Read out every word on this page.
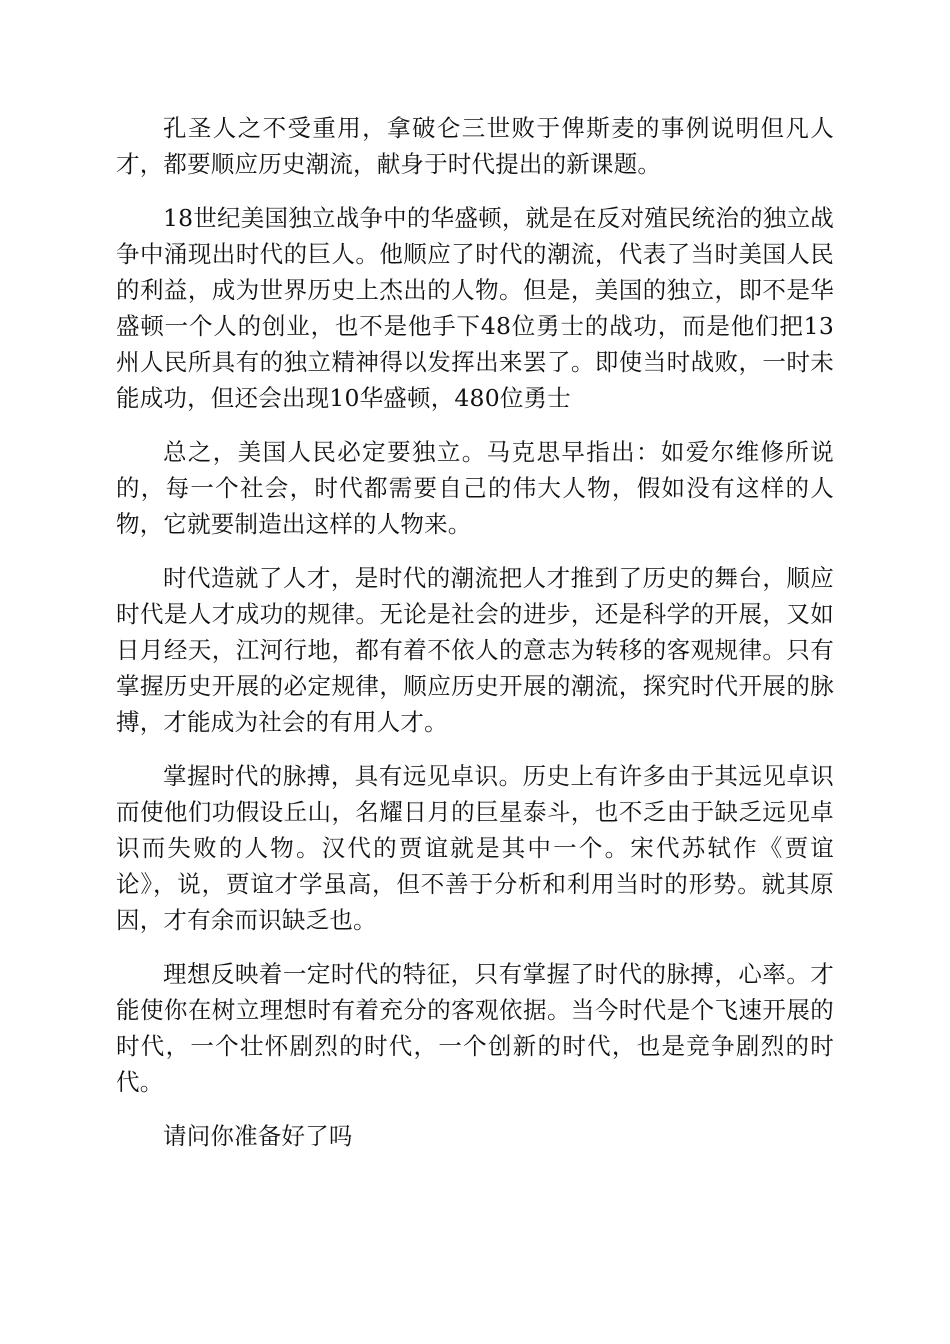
孔圣人之不受重用，拿破仑三世败于俾斯麦的事例说明但凡人才，都要顺应历史潮流，献身于时代提出的新课题。

18世纪美国独立战争中的华盛顿，就是在反对殖民统治的独立战争中涌现出时代的巨人。他顺应了时代的潮流，代表了当时美国人民的利益，成为世界历史上杰出的人物。但是，美国的独立，即不是华盛顿一个人的创业，也不是他手下48位勇士的战功，而是他们把13州人民所具有的独立精神得以发挥出来罢了。即使当时战败，一时未能成功，但还会出现10华盛顿，480位勇士

总之，美国人民必定要独立。马克思早指出：如爱尔维修所说的，每一个社会，时代都需要自己的伟大人物，假如没有这样的人物，它就要制造出这样的人物来。

时代造就了人才，是时代的潮流把人才推到了历史的舞台，顺应时代是人才成功的规律。无论是社会的进步，还是科学的开展，又如日月经天，江河行地，都有着不依人的意志为转移的客观规律。只有掌握历史开展的必定规律，顺应历史开展的潮流，探究时代开展的脉搏，才能成为社会的有用人才。

掌握时代的脉搏，具有远见卓识。历史上有许多由于其远见卓识而使他们功假设丘山，名耀日月的巨星泰斗，也不乏由于缺乏远见卓识而失败的人物。汉代的贾谊就是其中一个。宋代苏轼作《贾谊论》，说，贾谊才学虽高，但不善于分析和利用当时的形势。就其原因，才有余而识缺乏也。

理想反映着一定时代的特征，只有掌握了时代的脉搏，心率。才能使你在树立理想时有着充分的客观依据。当今时代是个飞速开展的时代，一个壮怀剧烈的时代，一个创新的时代，也是竞争剧烈的时代。

请问你准备好了吗
